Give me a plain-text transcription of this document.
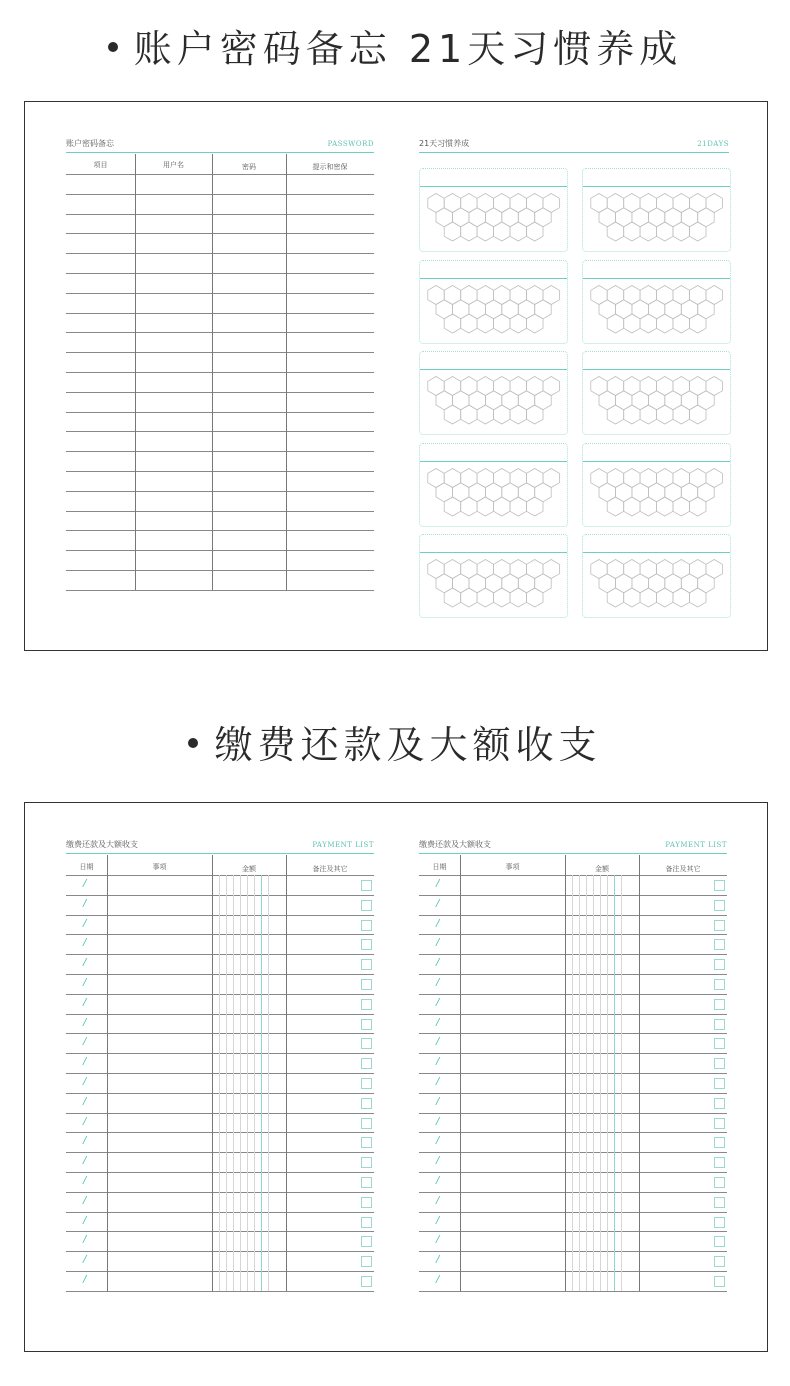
账户密码备忘 21天习惯养成
账户密码备忘	PASSWORD
项目	用户名	密码	提示和密保
21天习惯养成	21DAYS
缴费还款及大额收支
缴费还款及大额收支	PAYMENT LIST
日期	事项	金额	备注及其它
/
/
/
/
/
/
/
/
/
/
/
/
/
/
/
/
/
/
/
/
/
缴费还款及大额收支	PAYMENT LIST
日期	事项	金额	备注及其它
/
/
/
/
/
/
/
/
/
/
/
/
/
/
/
/
/
/
/
/
/
